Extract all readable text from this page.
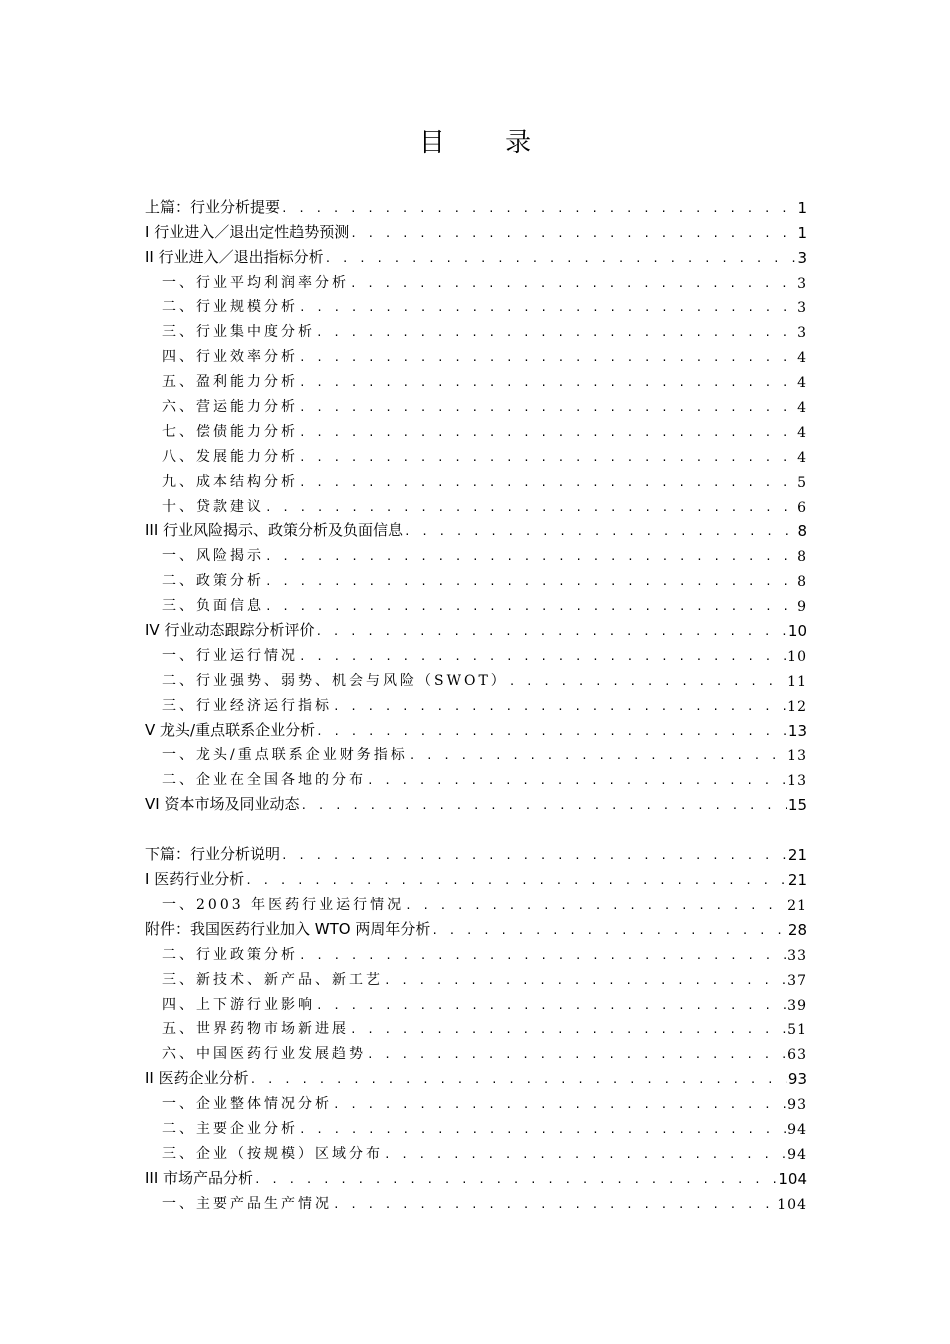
目 录
上篇：行业分析提要 . . .	1
I 行业进入／退出定性趋势预测 . . .	1
II 行业进入／退出指标分析 . . .	3
一、行业平均利润率分析 . . .	3
二、行业规模分析 . . .	3
三、行业集中度分析 . . .	3
四、行业效率分析 . . .	4
五、盈利能力分析 . . .	4
六、营运能力分析 . . .	4
七、偿债能力分析 . . .	4
八、发展能力分析 . . .	4
九、成本结构分析 . . .	5
十、贷款建议 . . .	6
III 行业风险揭示、政策分析及负面信息 . . .	8
一、风险揭示 . . .	8
二、政策分析 . . .	8
三、负面信息 . . .	9
IV 行业动态跟踪分析评价 . . .	10
一、行业运行情况 . . .	10
二、行业强势、弱势、机会与风险（SWOT） . . .	11
三、行业经济运行指标 . . .	12
V 龙头/重点联系企业分析 . . .	13
一、龙头/重点联系企业财务指标 . . .	13
二、企业在全国各地的分布 . . .	13
VI 资本市场及同业动态 . . .	15
下篇：行业分析说明 . . .	21
I 医药行业分析 . . .	21
一、2003 年医药行业运行情况 . . .	21
附件：我国医药行业加入 WTO 两周年分析 . . .	28
二、行业政策分析 . . .	33
三、新技术、新产品、新工艺 . . .	37
四、上下游行业影响 . . .	39
五、世界药物市场新进展 . . .	51
六、中国医药行业发展趋势 . . .	63
II 医药企业分析 . . .	93
一、企业整体情况分析 . . .	93
二、主要企业分析 . . .	94
三、企业（按规模）区域分布 . . .	94
III 市场产品分析 . . .	104
一、主要产品生产情况 . . .	104
